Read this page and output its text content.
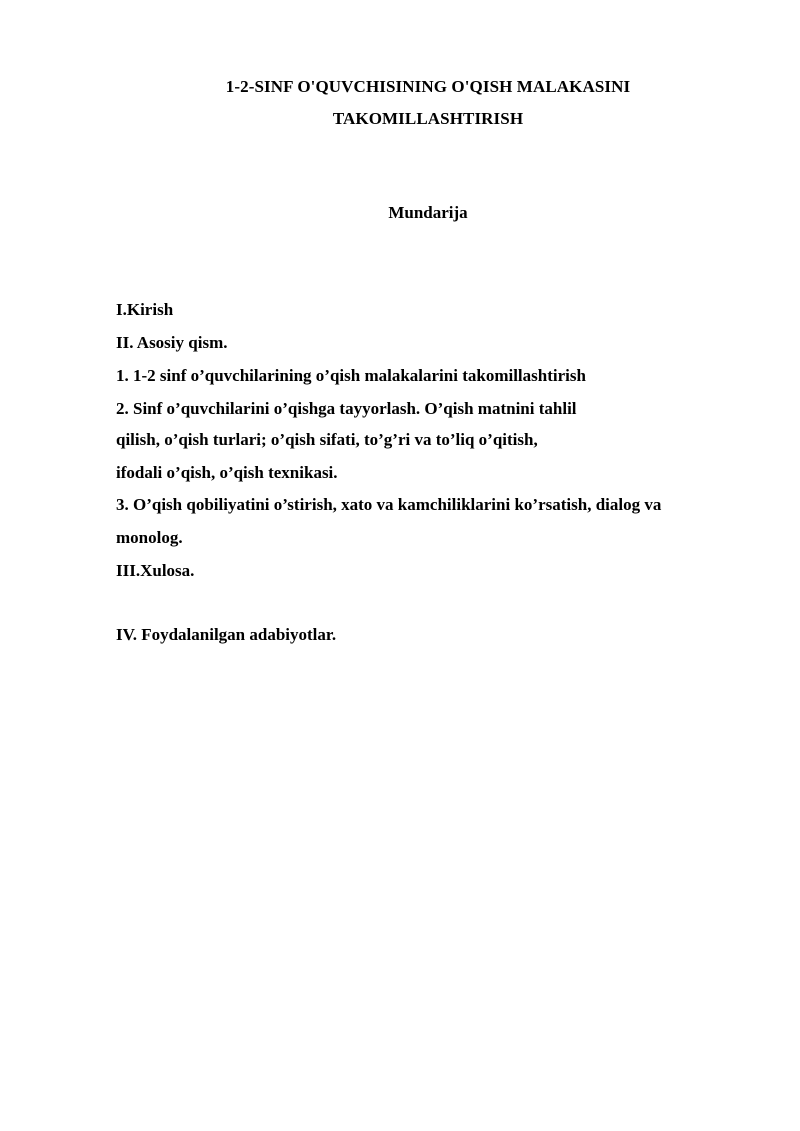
1-2-SINF O'QUVCHISINING O'QISH MALAKASINI
TAKOMILLASHTIRISH
Mundarija
I.Kirish
II. Asosiy qism.
1. 1-2 sinf o’quvchilarining o’qish malakalarini takomillashtirish
2. Sinf o’quvchilarini o’qishga tayyorlash. O’qish matnini tahlil
qilish, o’qish turlari; o’qish sifati, to’g’ri va to’liq o’qitish,
ifodali o’qish, o’qish texnikasi.
3. O’qish qobiliyatini o’stirish, xato va kamchiliklarini ko’rsatish, dialog va
monolog.
III.Xulosa.
IV. Foydalanilgan adabiyotlar.
